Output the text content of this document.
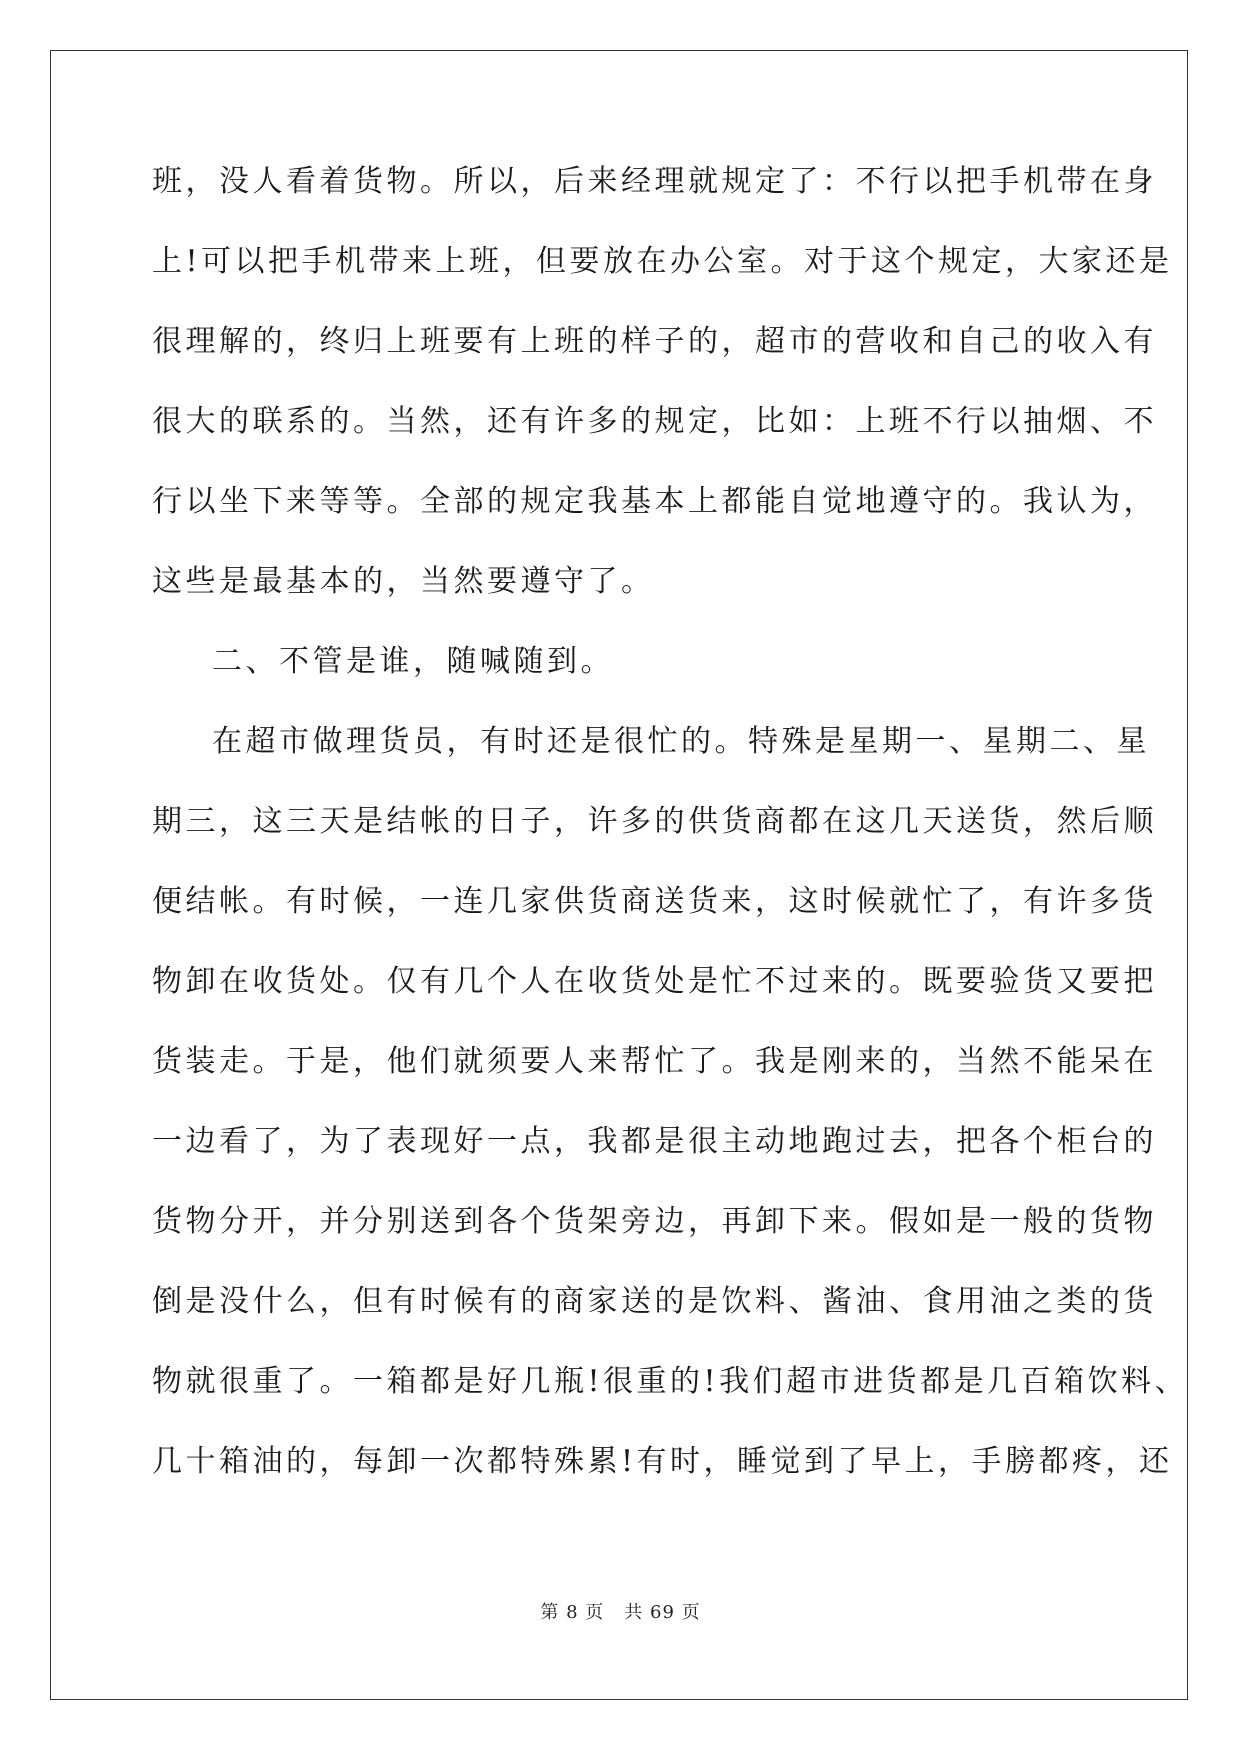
班，没人看着货物。所以，后来经理就规定了：不行以把手机带在身
上!可以把手机带来上班，但要放在办公室。对于这个规定，大家还是
很理解的，终归上班要有上班的样子的，超市的营收和自己的收入有
很大的联系的。当然，还有许多的规定，比如：上班不行以抽烟、不
行以坐下来等等。全部的规定我基本上都能自觉地遵守的。我认为，
这些是最基本的，当然要遵守了。
二、不管是谁，随喊随到。
在超市做理货员，有时还是很忙的。特殊是星期一、星期二、星
期三，这三天是结帐的日子，许多的供货商都在这几天送货，然后顺
便结帐。有时候，一连几家供货商送货来，这时候就忙了，有许多货
物卸在收货处。仅有几个人在收货处是忙不过来的。既要验货又要把
货装走。于是，他们就须要人来帮忙了。我是刚来的，当然不能呆在
一边看了，为了表现好一点，我都是很主动地跑过去，把各个柜台的
货物分开，并分别送到各个货架旁边，再卸下来。假如是一般的货物
倒是没什么，但有时候有的商家送的是饮料、酱油、食用油之类的货
物就很重了。一箱都是好几瓶!很重的!我们超市进货都是几百箱饮料、
几十箱油的，每卸一次都特殊累!有时，睡觉到了早上，手膀都疼，还
第 8 页 共 69 页
